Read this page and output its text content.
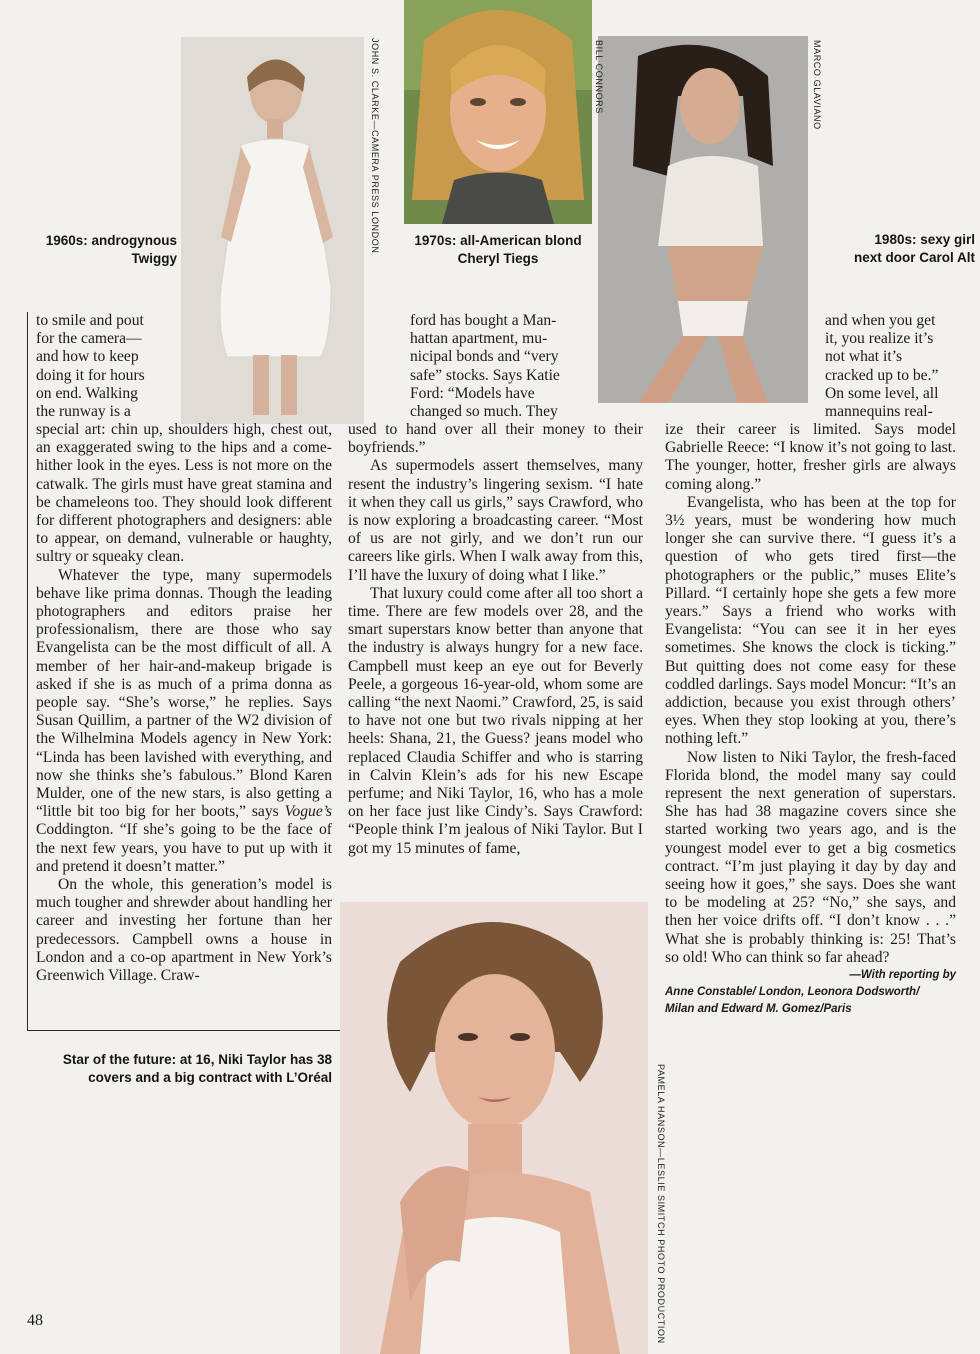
JOHN S. CLARKE—CAMERA PRESS LONDON	BILL CONNORS	MARCO GLAVIANO
PAMELA HANSON—LESLIE SIMITCH PHOTO PRODUCTION
1960s: androgynous
Twiggy
1970s: all-American blond
Cheryl Tiegs
1980s: sexy girl
next door Carol Alt
Star of the future: at 16, Niki Taylor has 38
covers and a big contract with L’Oréal

to smile and pout

for the camera—

and how to keep

doing it for hours

on end. Walking

the runway is a

special art: chin up, shoulders high, chest out, an exaggerated swing to the hips and a come-hither look in the eyes. Less is not more on the catwalk. The girls must have great stamina and be chameleons too. They should look different for different photographers and designers: able to appear, on demand, vulnerable or haughty, sultry or squeaky clean.

Whatever the type, many supermodels behave like prima donnas. Though the leading photographers and editors praise her professionalism, there are those who say Evangelista can be the most difficult of all. A member of her hair-and-makeup brigade is asked if she is as much of a prima donna as people say. “She’s worse,” he replies. Says Susan Quillim, a partner of the W2 division of the Wilhelmina Models agency in New York: “Linda has been lavished with everything, and now she thinks she’s fabulous.” Blond Karen Mulder, one of the new stars, is also getting a “little bit too big for her boots,” says Vogue’s Coddington. “If she’s going to be the face of the next few years, you have to put up with it and pretend it doesn’t matter.”

On the whole, this generation’s model is much tougher and shrewder about handling her career and investing her fortune than her predecessors. Campbell owns a house in London and a co-op apartment in New York’s Greenwich Village. Craw-

ford has bought a Man-

hattan apartment, mu-

nicipal bonds and “very

safe” stocks. Says Katie

Ford: “Models have

changed so much. They

used to hand over all their money to their boyfriends.”

As supermodels assert themselves, many resent the industry’s lingering sexism. “I hate it when they call us girls,” says Crawford, who is now exploring a broadcasting career. “Most of us are not girly, and we don’t run our careers like girls. When I walk away from this, I’ll have the luxury of doing what I like.”

That luxury could come after all too short a time. There are few models over 28, and the smart superstars know better than anyone that the industry is always hungry for a new face. Campbell must keep an eye out for Beverly Peele, a gorgeous 16-year-old, whom some are calling “the next Naomi.” Crawford, 25, is said to have not one but two rivals nipping at her heels: Shana, 21, the Guess? jeans model who replaced Claudia Schiffer and who is starring in Calvin Klein’s ads for his new Escape perfume; and Niki Taylor, 16, who has a mole on her face just like Cindy’s. Says Crawford: “People think I’m jealous of Niki Taylor. But I got my 15 minutes of fame,

and when you get

it, you realize it’s

not what it’s

cracked up to be.”

On some level, all

mannequins real-

ize their career is limited. Says model Gabrielle Reece: “I know it’s not going to last. The younger, hotter, fresher girls are always coming along.”

Evangelista, who has been at the top for 3½ years, must be wondering how much longer she can survive there. “I guess it’s a question of who gets tired first—the photographers or the public,” muses Elite’s Pillard. “I certainly hope she gets a few more years.” Says a friend who works with Evangelista: “You can see it in her eyes sometimes. She knows the clock is ticking.” But quitting does not come easy for these coddled darlings. Says model Moncur: “It’s an addiction, because you exist through others’ eyes. When they stop looking at you, there’s nothing left.”

Now listen to Niki Taylor, the fresh-faced Florida blond, the model many say could represent the next generation of superstars. She has had 38 magazine covers since she started working two years ago, and is the youngest model ever to get a big cosmetics contract. “I’m just playing it day by day and seeing how it goes,” she says. Does she want to be modeling at 25? “No,” she says, and then her voice drifts off. “I don’t know . . .” What she is probably thinking is: 25! That’s so old! Who can think so far ahead?

—With reporting by
Anne Constable/ London, Leonora Dodsworth/
Milan and Edward M. Gomez/Paris
48
